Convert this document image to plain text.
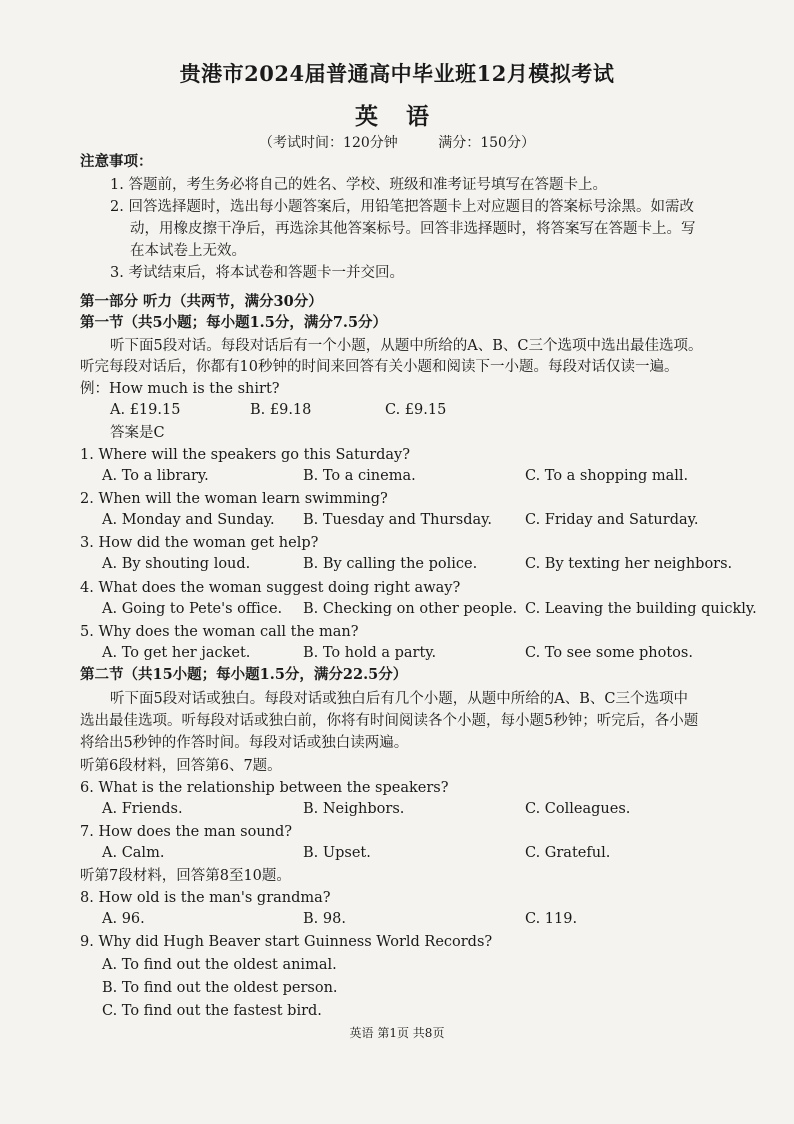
贵港市2024届普通高中毕业班12月模拟考试
英 语
（考试时间：120分钟	满分：150分）
注意事项：
1. 答题前，考生务必将自己的姓名、学校、班级和准考证号填写在答题卡上。
2. 回答选择题时，选出每小题答案后，用铅笔把答题卡上对应题目的答案标号涂黑。如需改
动，用橡皮擦干净后，再选涂其他答案标号。回答非选择题时，将答案写在答题卡上。写
在本试卷上无效。
3. 考试结束后，将本试卷和答题卡一并交回。
第一部分 听力（共两节，满分30分）
第一节（共5小题；每小题1.5分，满分7.5分）
听下面5段对话。每段对话后有一个小题，从题中所给的A、B、C三个选项中选出最佳选项。
听完每段对话后，你都有10秒钟的时间来回答有关小题和阅读下一小题。每段对话仅读一遍。
例：How much is the shirt?
A. £19.15	B. £9.18	C. £9.15
答案是C
1. Where will the speakers go this Saturday?
A. To a library.	B. To a cinema.	C. To a shopping mall.
2. When will the woman learn swimming?
A. Monday and Sunday. B. Tuesday and Thursday. C. Friday and Saturday.
3. How did the woman get help?
A. By shouting loud.	B. By calling the police.	C. By texting her neighbors.
4. What does the woman suggest doing right away?
A. Going to Pete's office. B. Checking on other people. C. Leaving the building quickly.
5. Why does the woman call the man?
A. To get her jacket.	B. To hold a party.	C. To see some photos.
第二节（共15小题；每小题1.5分，满分22.5分）
听下面5段对话或独白。每段对话或独白后有几个小题，从题中所给的A、B、C三个选项中
选出最佳选项。听每段对话或独白前，你将有时间阅读各个小题，每小题5秒钟；听完后，各小题
将给出5秒钟的作答时间。每段对话或独白读两遍。
听第6段材料，回答第6、7题。
6. What is the relationship between the speakers?
A. Friends.	B. Neighbors.	C. Colleagues.
7. How does the man sound?
A. Calm.	B. Upset.	C. Grateful.
听第7段材料，回答第8至10题。
8. How old is the man's grandma?
A. 96.	B. 98.	C. 119.
9. Why did Hugh Beaver start Guinness World Records?
A. To find out the oldest animal.
B. To find out the oldest person.
C. To find out the fastest bird.
英语 第1页 共8页
